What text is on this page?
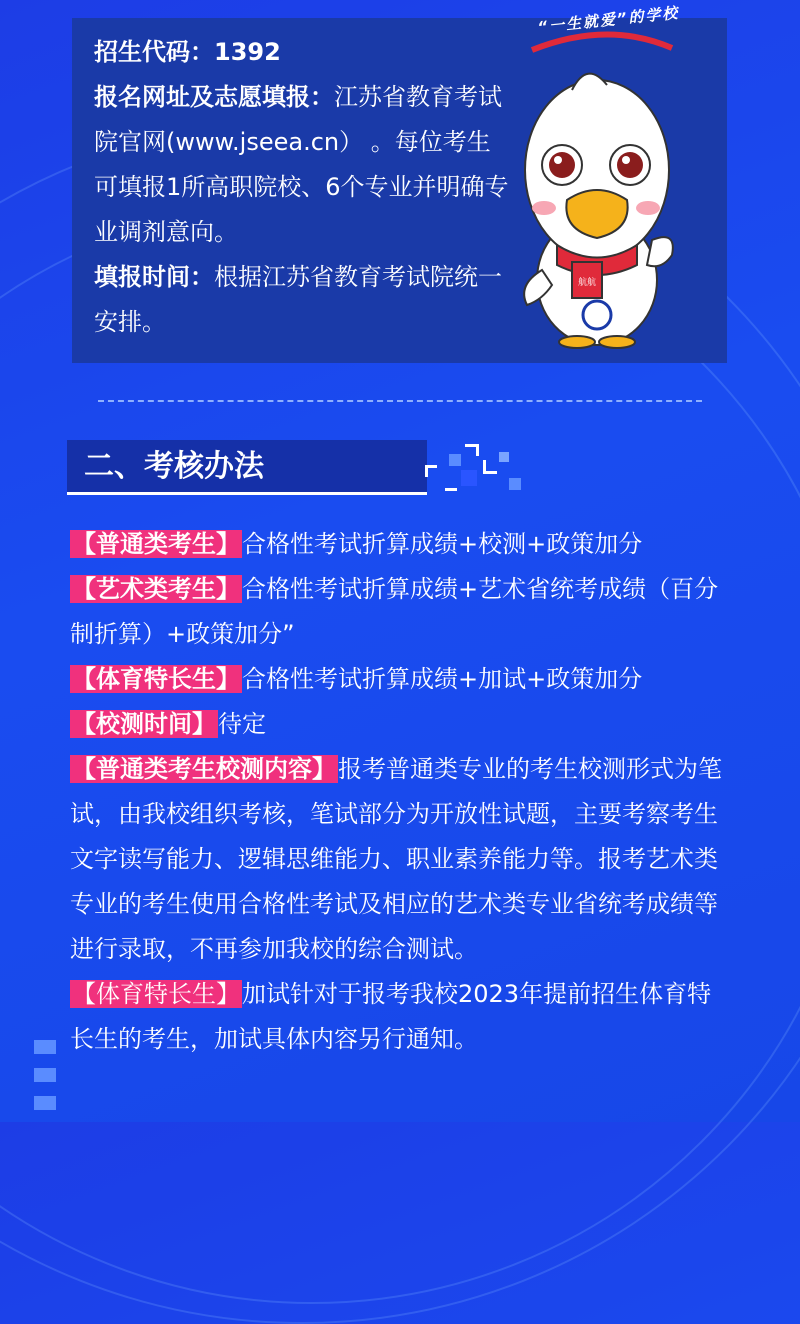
“一生就爱”的学校
航航
招生代码：1392
报名网址及志愿填报：江苏省教育考试院官网(www.jseea.cn） 。每位考生可填报1所高职院校、6个专业并明确专业调剂意向。
填报时间：根据江苏省教育考试院统一安排。
二、考核办法

【普通类考生】合格性考试折算成绩+校测+政策加分

【艺术类考生】合格性考试折算成绩+艺术省统考成绩（百分制折算）+政策加分”

【体育特长生】合格性考试折算成绩+加试+政策加分

【校测时间】待定

【普通类考生校测内容】报考普通类专业的考生校测形式为笔试，由我校组织考核，笔试部分为开放性试题，主要考察考生文字读写能力、逻辑思维能力、职业素养能力等。报考艺术类专业的考生使用合格性考试及相应的艺术类专业省统考成绩等进行录取，不再参加我校的综合测试。

【体育特长生】加试针对于报考我校2023年提前招生体育特长生的考生，加试具体内容另行通知。
